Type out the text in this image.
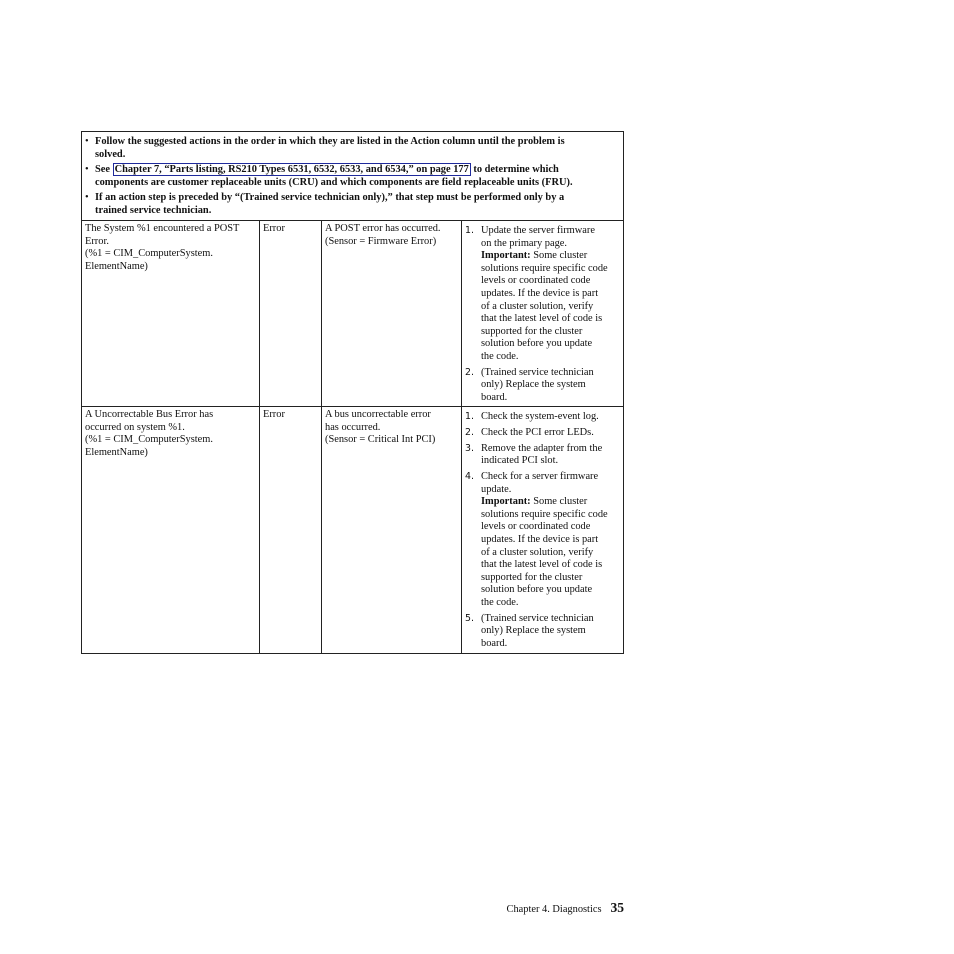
• Follow the suggested actions in the order in which they are listed in the Action column until the problem is
solved.
• See Chapter 7, “Parts listing, RS210 Types 6531, 6532, 6533, and 6534,” on page 177 to determine which
components are customer replaceable units (CRU) and which components are field replaceable units (FRU).
• If an action step is preceded by “(Trained service technician only),” that step must be performed only by a
trained service technician.
The System %1 encountered a POST
Error.
(%1 = CIM_ComputerSystem.
ElementName)
Error	A POST error has occurred.
(Sensor = Firmware Error)
1. Update the server firmware
on the primary page.
Important: Some cluster
solutions require specific code
levels or coordinated code
updates. If the device is part
of a cluster solution, verify
that the latest level of code is
supported for the cluster
solution before you update
the code.
2. (Trained service technician
only) Replace the system
board.
A Uncorrectable Bus Error has
occurred on system %1.
(%1 = CIM_ComputerSystem.
ElementName)
Error	A bus uncorrectable error
has occurred.
(Sensor = Critical Int PCI)
1. Check the system-event log.
2. Check the PCI error LEDs.
3. Remove the adapter from the
indicated PCI slot.
4. Check for a server firmware
update.
Important: Some cluster
solutions require specific code
levels or coordinated code
updates. If the device is part
of a cluster solution, verify
that the latest level of code is
supported for the cluster
solution before you update
the code.
5. (Trained service technician
only) Replace the system
board.
Chapter 4. Diagnostics 35
